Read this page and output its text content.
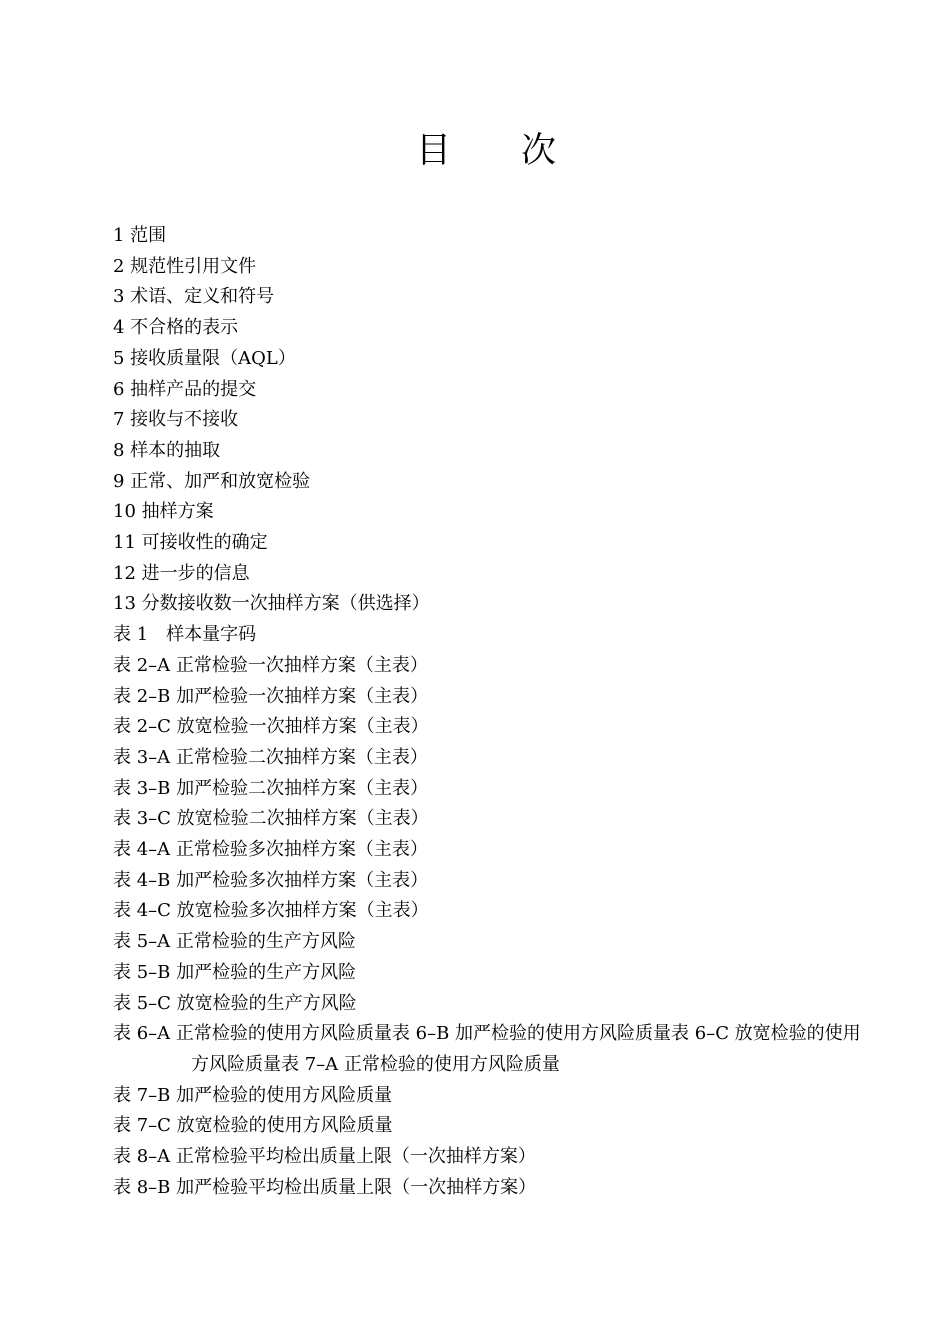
目　　次
1 范围
2 规范性引用文件
3 术语、定义和符号
4 不合格的表示
5 接收质量限（AQL）
6 抽样产品的提交
7 接收与不接收
8 样本的抽取
9 正常、加严和放宽检验
10 抽样方案
11 可接收性的确定
12 进一步的信息
13 分数接收数一次抽样方案（供选择）
表 1　样本量字码
表 2–A 正常检验一次抽样方案（主表）
表 2–B 加严检验一次抽样方案（主表）
表 2–C 放宽检验一次抽样方案（主表）
表 3–A 正常检验二次抽样方案（主表）
表 3–B 加严检验二次抽样方案（主表）
表 3–C 放宽检验二次抽样方案（主表）
表 4–A 正常检验多次抽样方案（主表）
表 4–B 加严检验多次抽样方案（主表）
表 4–C 放宽检验多次抽样方案（主表）
表 5–A 正常检验的生产方风险
表 5–B 加严检验的生产方风险
表 5–C 放宽检验的生产方风险
表 6–A 正常检验的使用方风险质量表 6–B 加严检验的使用方风险质量表 6–C 放宽检验的使用方风险质量表 7–A 正常检验的使用方风险质量
表 7–B 加严检验的使用方风险质量
表 7–C 放宽检验的使用方风险质量
表 8–A 正常检验平均检出质量上限（一次抽样方案）
表 8–B 加严检验平均检出质量上限（一次抽样方案）
